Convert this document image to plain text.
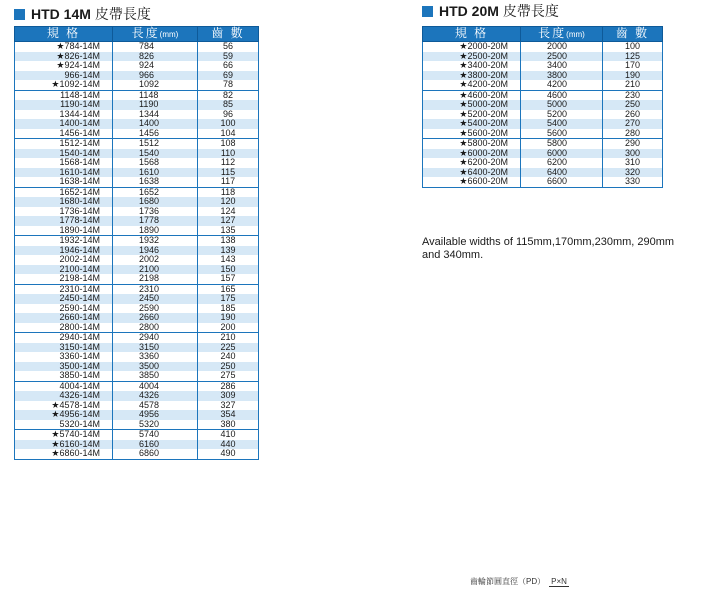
HTD 14M 皮帶長度
規 格	長度(mm)	齒 數
★784-14M	784	56
★826-14M	826	59
★924-14M	924	66
966-14M	966	69
★1092-14M	1092	78
1148-14M	1148	82
1190-14M	1190	85
1344-14M	1344	96
1400-14M	1400	100
1456-14M	1456	104
1512-14M	1512	108
1540-14M	1540	110
1568-14M	1568	112
1610-14M	1610	115
1638-14M	1638	117
1652-14M	1652	118
1680-14M	1680	120
1736-14M	1736	124
1778-14M	1778	127
1890-14M	1890	135
1932-14M	1932	138
1946-14M	1946	139
2002-14M	2002	143
2100-14M	2100	150
2198-14M	2198	157
2310-14M	2310	165
2450-14M	2450	175
2590-14M	2590	185
2660-14M	2660	190
2800-14M	2800	200
2940-14M	2940	210
3150-14M	3150	225
3360-14M	3360	240
3500-14M	3500	250
3850-14M	3850	275
4004-14M	4004	286
4326-14M	4326	309
★4578-14M	4578	327
★4956-14M	4956	354
5320-14M	5320	380
★5740-14M	5740	410
★6160-14M	6160	440
★6860-14M	6860	490
HTD 20M 皮帶長度
規 格	長度(mm)	齒 數
★2000-20M	2000	100
★2500-20M	2500	125
★3400-20M	3400	170
★3800-20M	3800	190
★4200-20M	4200	210
★4600-20M	4600	230
★5000-20M	5000	250
★5200-20M	5200	260
★5400-20M	5400	270
★5600-20M	5600	280
★5800-20M	5800	290
★6000-20M	6000	300
★6200-20M	6200	310
★6400-20M	6400	320
★6600-20M	6600	330
Available widths of 115mm,170mm,230mm, 290mm and 340mm.
齒輪節圓直徑（PD） P×N
